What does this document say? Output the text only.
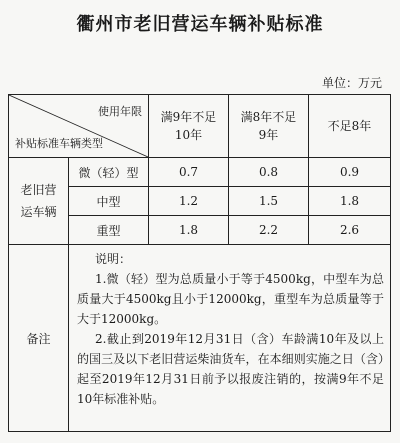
衢州市老旧营运车辆补贴标准
单位：万元
使用年限
补贴标准车辆类型		满9年不足10年	满8年不足9年	不足8年

老旧营运车辆	微（轻）型	0.7	0.8	0.9
	中型	1.2	1.5	1.8
	重型	1.8	2.2	2.6
备注	说明：

1.微（轻）型为总质量小于等于4500kg，中型车为总质量大于4500kg且小于12000kg，重型车为总质量等于大于12000kg。

2.截止到2019年12月31日（含）车龄满10年及以上的国三及以下老旧营运柴油货车，在本细则实施之日（含）起至2019年12月31日前予以报废注销的，按满9年不足10年标准补贴。			
